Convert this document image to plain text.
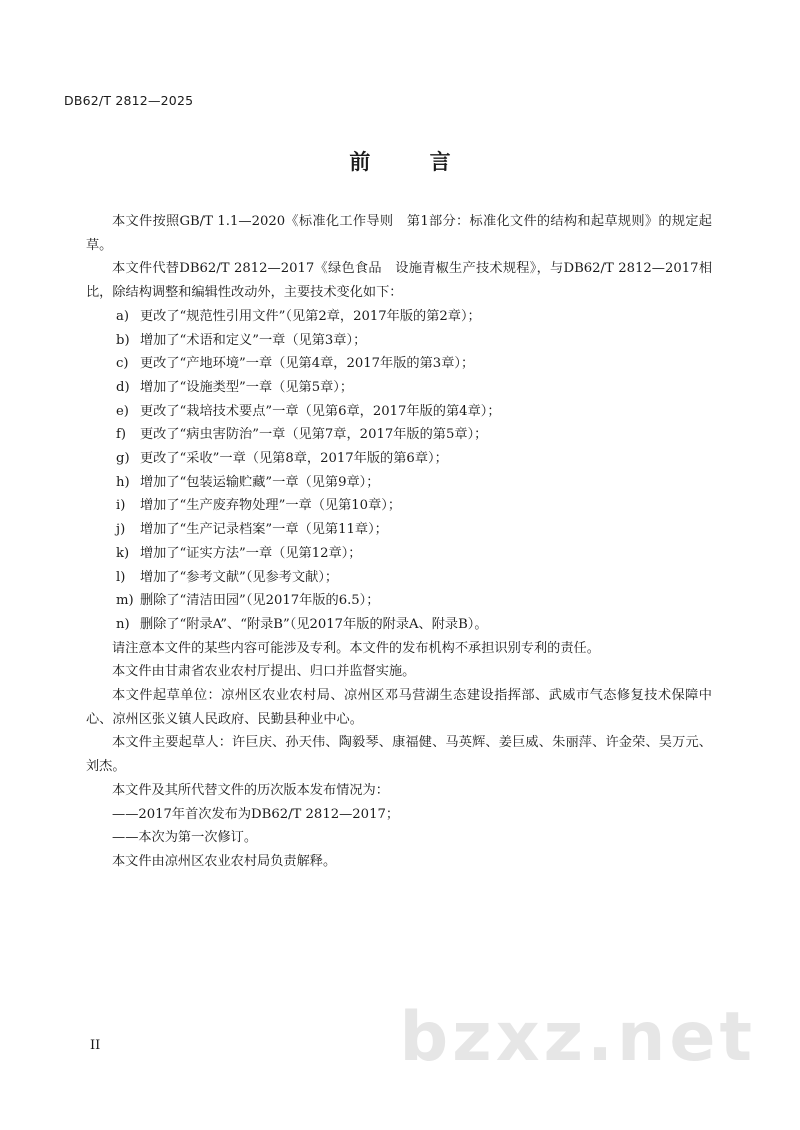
DB62/T 2812—2025
前 言

本文件按照GB/T 1.1—2020《标准化工作导则　第1部分：标准化文件的结构和起草规则》的规定起草。

本文件代替DB62/T 2812—2017《绿色食品　设施青椒生产技术规程》，与DB62/T 2812—2017相比，除结构调整和编辑性改动外，主要技术变化如下：

a) 更改了“规范性引用文件”（见第2章，2017年版的第2章）；

b) 增加了“术语和定义”一章（见第3章）；

c) 更改了“产地环境”一章（见第4章，2017年版的第3章）；

d) 增加了“设施类型”一章（见第5章）；

e) 更改了“栽培技术要点”一章（见第6章，2017年版的第4章）；

f) 更改了“病虫害防治”一章（见第7章，2017年版的第5章）；

g) 更改了“采收”一章（见第8章，2017年版的第6章）；

h) 增加了“包装运输贮藏”一章（见第9章）；

i) 增加了“生产废弃物处理”一章（见第10章）；

j) 增加了“生产记录档案”一章（见第11章）；

k) 增加了“证实方法”一章（见第12章）；

l) 增加了“参考文献”（见参考文献）；

m) 删除了“清洁田园”（见2017年版的6.5）；

n) 删除了“附录A”、“附录B”（见2017年版的附录A、附录B）。

请注意本文件的某些内容可能涉及专利。本文件的发布机构不承担识别专利的责任。

本文件由甘肃省农业农村厅提出、归口并监督实施。

本文件起草单位：凉州区农业农村局、凉州区邓马营湖生态建设指挥部、武威市气态修复技术保障中心、凉州区张义镇人民政府、民勤县种业中心。

本文件主要起草人：许巨庆、孙天伟、陶毅琴、康福健、马英辉、姜巨威、朱丽萍、许金荣、吴万元、刘杰。

本文件及其所代替文件的历次版本发布情况为：

——2017年首次发布为DB62/T 2812—2017；

——本次为第一次修订。

本文件由凉州区农业农村局负责解释。

II	bzxz.net
